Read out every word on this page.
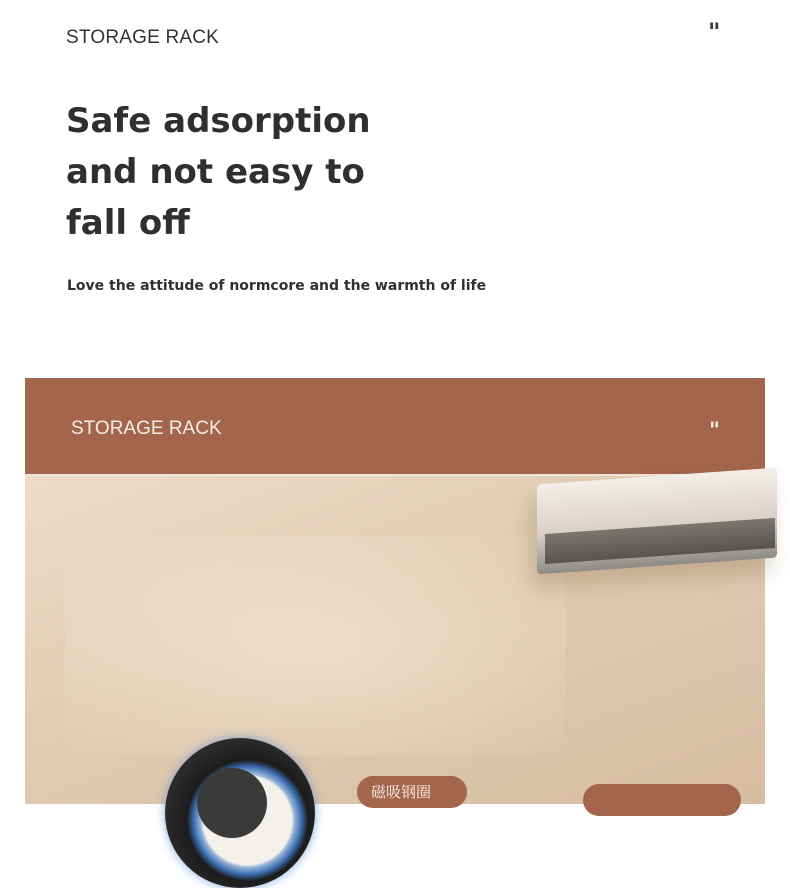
STORAGE RACK	"
Safe adsorption
and not easy to
fall off
Love the attitude of normcore and the warmth of life
STORAGE RACK	"
磁吸钢圈
